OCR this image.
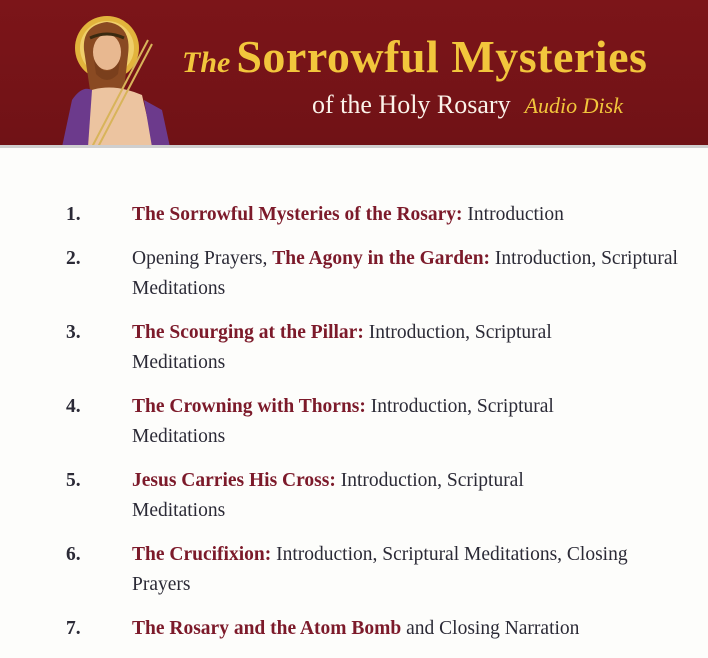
The Sorrowful Mysteries
of the Holy Rosary Audio Disk
1.	The Sorrowful Mysteries of the Rosary: Introduction
2.	Opening Prayers, The Agony in the Garden: Introduction, Scriptural Meditations
3.	The Scourging at the Pillar: Introduction, Scriptural Meditations
4.	The Crowning with Thorns: Introduction, Scriptural Meditations
5.	Jesus Carries His Cross: Introduction, Scriptural Meditations
6.	The Crucifixion: Introduction, Scriptural Meditations, Closing Prayers
7.	The Rosary and the Atom Bomb and Closing Narration
